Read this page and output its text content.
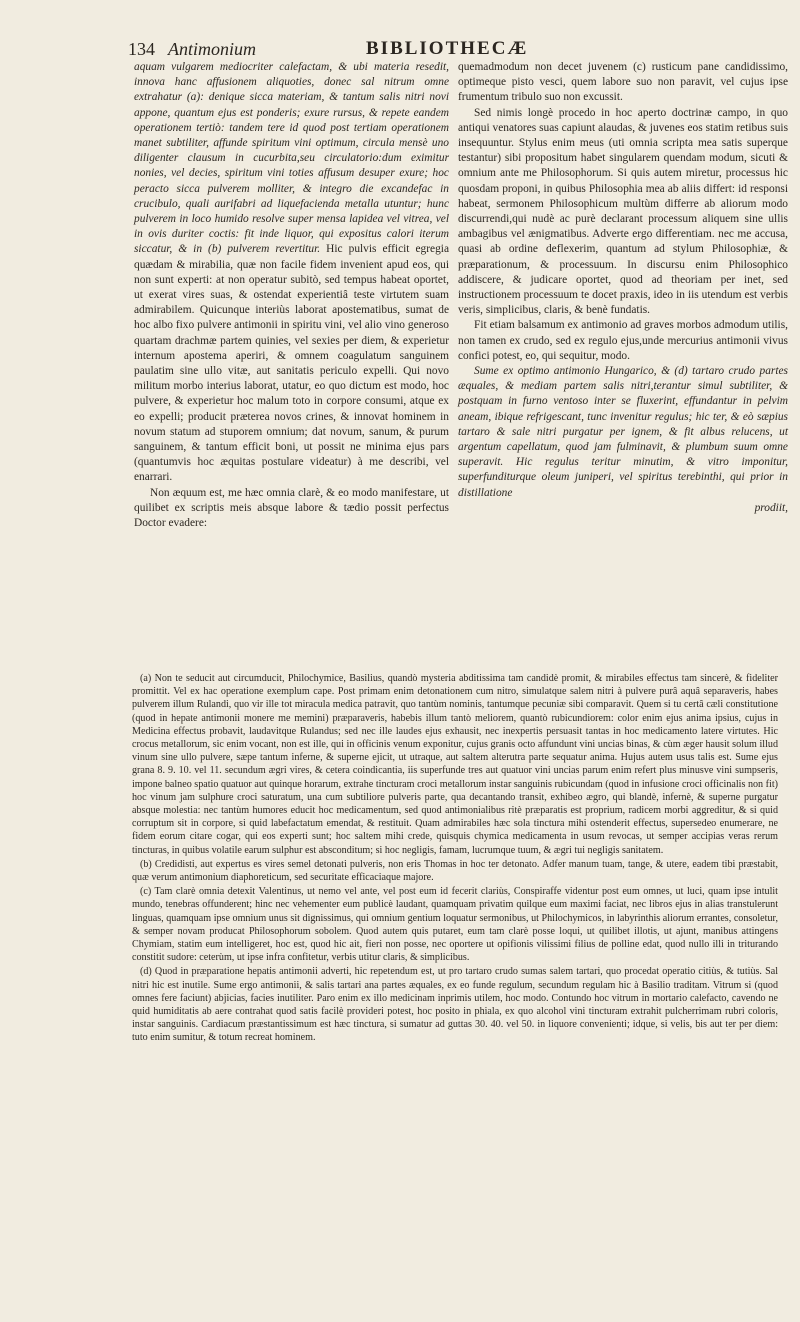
134 Antimonium	BIBLIOTHECÆ

aquam vulgarem mediocriter calefactam, & ubi materia resedit, innova hanc affusionem aliquoties, donec sal nitrum omne extrahatur (a): denique sicca materiam, & tantum salis nitri novi appone, quantum ejus est ponderis; exure rursus, & repete eandem operationem tertiò: tandem tere id quod post tertiam operationem manet subtiliter, affunde spiritum vini optimum, circula mensè uno diligenter clausum in cucurbita,seu circulatorio:dum eximitur nonies, vel decies, spiritum vini toties affusum desuper exure; hoc peracto sicca pulverem molliter, & integro die excandefac in crucibulo, quali aurifabri ad liquefacienda metalla utuntur; hunc pulverem in loco humido resolve super mensa lapidea vel vitrea, vel in ovis duriter coctis: fit inde liquor, qui expositus calori iterum siccatur, & in (b) pulverem revertitur. Hic pulvis efficit egregia quædam & mirabilia, quæ non facile fidem invenient apud eos, qui non sunt experti: at non operatur subitò, sed tempus habeat oportet, ut exerat vires suas, & ostendat experientiâ teste virtutem suam admirabilem. Quicunque interiùs laborat apostematibus, sumat de hoc albo fixo pulvere antimonii in spiritu vini, vel alio vino generoso quartam drachmæ partem quinies, vel sexies per diem, & experietur internum apostema aperiri, & omnem coagulatum sanguinem paulatim sine ullo vitæ, aut sanitatis periculo expelli. Qui novo militum morbo interius laborat, utatur, eo quo dictum est modo, hoc pulvere, & experietur hoc malum toto in corpore consumi, atque ex eo expelli; producit præterea novos crines, & innovat hominem in novum statum ad stuporem omnium; dat novum, sanum, & purum sanguinem, & tantum efficit boni, ut possit ne minima ejus pars (quantumvis hoc æquitas postulare videatur) à me describi, vel enarrari.

Non æquum est, me hæc omnia clarè, & eo modo manifestare, ut quilibet ex scriptis meis absque labore & tædio possit perfectus Doctor evadere:

quemadmodum non decet juvenem (c) rusticum pane candidissimo, optimeque pisto vesci, quem labore suo non paravit, vel cujus ipse frumentum tribulo suo non excussit.

Sed nimis longè procedo in hoc aperto doctrinæ campo, in quo antiqui venatores suas capiunt alaudas, & juvenes eos statim retibus suis insequuntur. Stylus enim meus (uti omnia scripta mea satis superque testantur) sibi propositum habet singularem quendam modum, sicuti & omnium ante me Philosophorum. Si quis autem miretur, processus hic quosdam proponi, in quibus Philosophia mea ab aliis differt: id responsi habeat, sermonem Philosophicum multùm differre ab aliorum modo discurrendi,qui nudè ac purè declarant processum aliquem sine ullis ambagibus vel ænigmatibus. Adverte ergo differentiam. nec me accusa, quasi ab ordine deflexerim, quantum ad stylum Philosophiæ, & præparationum, & processuum. In discursu enim Philosophico addiscere, & judicare oportet, quod ad theoriam per inet, sed instructionem processuum te docet praxis, ideo in iis utendum est verbis veris, simplicibus, claris, & benè fundatis.

Fit etiam balsamum ex antimonio ad graves morbos admodum utilis, non tamen ex crudo, sed ex regulo ejus,unde mercurius antimonii vivus confici potest, eo, qui sequitur, modo.

Sume ex optimo antimonio Hungarico, & (d) tartaro crudo partes æquales, & mediam partem salis nitri,terantur simul subtiliter, & postquam in furno ventoso inter se fluxerint, effundantur in pelvim aneam, ibique refrigescant, tunc invenitur regulus; hic ter, & eò sæpius tartaro & sale nitri purgatur per ignem, & fit albus relucens, ut argentum capellatum, quod jam fulminavit, & plumbum suum omne superavit. Hic regulus teritur minutim, & vitro imponitur, superfunditurque oleum juniperi, vel spiritus terebinthi, qui prior in distillatione

prodiit,

(a) Non te seducit aut circumducit, Philochymice, Basilius, quandò mysteria abditissima tam candidè promit, & mirabiles effectus tam sincerè, & fideliter promittit. Vel ex hac operatione exemplum cape. Post primam enim detonationem cum nitro, simulatque salem nitri à pulvere purâ aquâ separaveris, habes pulverem illum Rulandi, quo vir ille tot miracula medica patravit, quo tantùm nominis, tantumque pecuniæ sibi comparavit. Quem si tu certâ cæli constitutione (quod in hepate antimonii monere me memini) præparaveris, habebis illum tantò meliorem, quantò rubicundiorem: color enim ejus anima ipsius, cujus in Medicina effectus probavit, laudavitque Rulandus; sed nec ille laudes ejus exhausit, nec inexpertis persuasit tantas in hoc medicamento latere virtutes. Hic crocus metallorum, sic enim vocant, non est ille, qui in officinis venum exponitur, cujus granis octo affundunt vini uncias binas, & cùm æger hausit solum illud vinum sine ullo pulvere, sæpe tantum inferne, & superne ejicit, ut utraque, aut saltem alterutra parte sequatur anima. Hujus autem usus talis est. Sume ejus grana 8. 9. 10. vel 11. secundum ægri vires, & cetera coindicantia, iis superfunde tres aut quatuor vini uncias parum enim refert plus minusve vini sumpseris, impone balneo spatio quatuor aut quinque horarum, extrahe tincturam croci metallorum instar sanguinis rubicundam (quod in infusione croci officinalis non fit) hoc vinum jam sulphure croci saturatum, una cum subtiliore pulveris parte, qua decantando transit, exhibeo ægro, qui blandè, infernè, & superne purgatur absque molestia: nec tantùm humores educit hoc medicamentum, sed quod antimonialibus ritè præparatis est proprium, radicem morbi aggreditur, & si quid corruptum sit in corpore, si quid labefactatum emendat, & restituit. Quam admirabiles hæc sola tinctura mihi ostenderit effectus, supersedeo enumerare, ne fidem eorum citare cogar, qui eos experti sunt; hoc saltem mihi crede, quisquis chymica medicamenta in usum revocas, ut semper accipias veras rerum tincturas, in quibus volatile earum sulphur est absconditum; si hoc negligis, famam, lucrumque tuum, & ægri tui negligis sanitatem.

(b) Credidisti, aut expertus es vires semel detonati pulveris, non eris Thomas in hoc ter detonato. Adfer manum tuam, tange, & utere, eadem tibi præstabit, quæ verum antimonium diaphoreticum, sed securitate efficaciaque majore.

(c) Tam clarè omnia detexit Valentinus, ut nemo vel ante, vel post eum id fecerit clariùs, Conspiraffe videntur post eum omnes, ut luci, quam ipse intulit mundo, tenebras offunderent; hinc nec vehementer eum publicè laudant, quamquam privatim quilque eum maximi faciat, nec libros ejus in alias transtulerunt linguas, quamquam ipse omnium unus sit dignissimus, qui omnium gentium loquatur sermonibus, ut Philochymicos, in labyrinthis aliorum errantes, consoletur, & semper novam producat Philosophorum sobolem. Quod autem quis putaret, eum tam clarè posse loqui, ut quilibet illotis, ut ajunt, manibus attingens Chymiam, statim eum intelligeret, hoc est, quod hic ait, fieri non posse, nec oportere ut opifionis vilissimi filius de polline edat, quod nullo illi in triturando constitit sudore: ceterùm, ut ipse infra confitetur, verbis utitur claris, & simplicibus.

(d) Quod in præparatione hepatis antimonii adverti, hic repetendum est, ut pro tartaro crudo sumas salem tartari, quo procedat operatio citiùs, & tutiùs. Sal nitri hic est inutile. Sume ergo antimonii, & salis tartari ana partes æquales, ex eo funde regulum, secundum regulam hic à Basilio traditam. Vitrum si (quod omnes fere faciunt) abjicias, facies inutiliter. Paro enim ex illo medicinam inprimis utilem, hoc modo. Contundo hoc vitrum in mortario calefacto, cavendo ne quid humiditatis ab aere contrahat quod satis facilè provideri potest, hoc posito in phiala, ex quo alcohol vini tincturam extrahit pulcherrimam rubri coloris, instar sanguinis. Cardiacum præstantissimum est hæc tinctura, si sumatur ad guttas 30. 40. vel 50. in liquore convenienti; idque, si velis, bis aut ter per diem: tuto enim sumitur, & totum recreat hominem.
